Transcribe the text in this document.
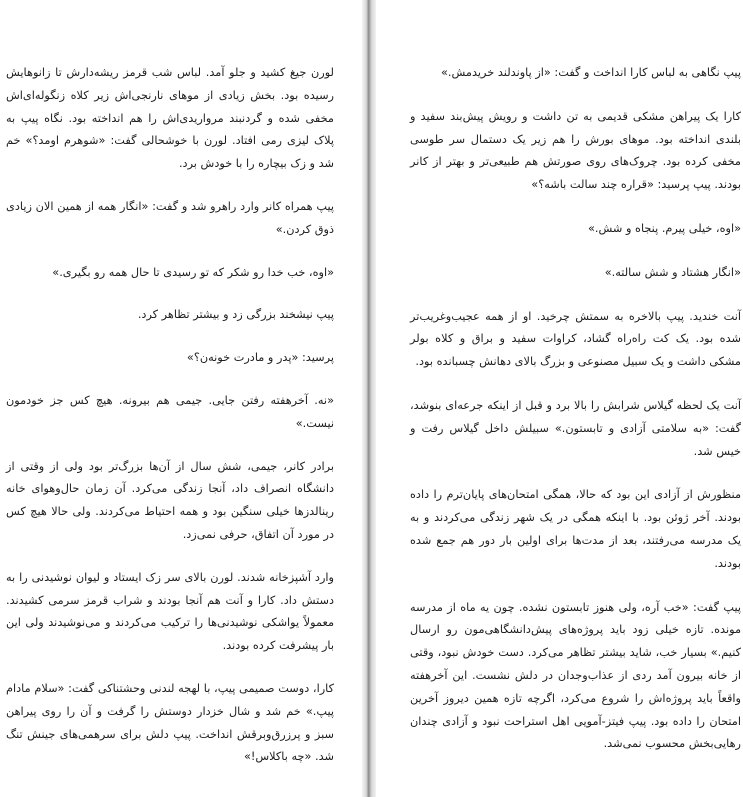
لورن جیغ کشید و جلو آمد. لباس شب قرمز ریشه‌دارش تا زانوهایش رسیده بود. بخش زیادی از موهای نارنجی‌اش زیر کلاه زنگوله‌ای‌اش مخفی شده و گردنبند مرواریدی‌اش را هم انداخته بود. نگاه پیپ به پلاک لیزی رمی افتاد. لورن با خوشحالی گفت: «شوهرم اومد؟» خم شد و زک بیچاره را با خودش برد.

پیپ همراه کانر وارد راهرو شد و گفت: «انگار همه از همین الان زیادی ذوق کردن.»

«اوه، خب خدا رو شکر که تو رسیدی تا حال همه رو بگیری.»

پیپ نیشخند بزرگی زد و بیشتر تظاهر کرد.

پرسید: «پدر و مادرت خونه‌ن؟»

«نه. آخرهفته رفتن جایی. جیمی هم بیرونه. هیچ کس جز خودمون نیست.»

برادر کانر، جیمی، شش سال از آن‌ها بزرگ‌تر بود ولی از وقتی از دانشگاه انصراف داد، آنجا زندگی می‌کرد. آن زمان حال‌وهوای خانه رینالدزها خیلی سنگین بود و همه احتیاط می‌کردند. ولی حالا هیچ کس در مورد آن اتفاق، حرفی نمی‌زد.

وارد آشپزخانه شدند. لورن بالای سر زک ایستاد و لیوان نوشیدنی را به دستش داد. کارا و آنت هم آنجا بودند و شراب قرمز سرمی کشیدند. معمولاً یواشکی نوشیدنی‌ها را ترکیب می‌کردند و می‌نوشیدند ولی این بار پیشرفت کرده بودند.

کارا، دوست صمیمی پیپ، با لهجه لندنی وحشتناکی گفت: «سلام مادام پیپ.» خم شد و شال خزدار دوستش را گرفت و آن را روی پیراهن سبز و پرزرق‌وبرقش انداخت. پیپ دلش برای سرهمی‌های جینش تنگ شد. «چه باکلاس!»

پیپ نگاهی به لباس کارا انداخت و گفت: «از پاوندلند خریدمش.»

کارا یک پیراهن مشکی قدیمی به تن داشت و رویش پیش‌بند سفید و بلندی انداخته بود. موهای بورش را هم زیر یک دستمال سر طوسی مخفی کرده بود. چروک‌های روی صورتش هم طبیعی‌تر و بهتر از کانر بودند. پیپ پرسید: «قراره چند سالت باشه؟»

«اوه، خیلی پیرم. پنجاه و شش.»

«انگار هشتاد و شش سالته.»

آنت خندید. پیپ بالاخره به سمتش چرخید. او از همه عجیب‌وغریب‌تر شده بود. یک کت راه‌راه گشاد، کراوات سفید و براق و کلاه بولر مشکی داشت و یک سبیل مصنوعی و بزرگ بالای دهانش چسبانده بود.

آنت یک لحظه گیلاس شرابش را بالا برد و قبل از اینکه جرعه‌ای بنوشد، گفت: «به سلامتی آزادی و تابستون.» سبیلش داخل گیلاس رفت و خیس شد.

منظورش از آزادی این بود که حالا، همگی امتحان‌های پایان‌ترم را داده بودند. آخر ژوئن بود. با اینکه همگی در یک شهر زندگی می‌کردند و به یک مدرسه می‌رفتند، بعد از مدت‌ها برای اولین بار دور هم جمع شده بودند.

پیپ گفت: «خب آره، ولی هنوز تابستون نشده. چون یه ماه از مدرسه مونده. تازه خیلی زود باید پروژه‌های پیش‌دانشگاهی‌مون رو ارسال کنیم.» بسیار خب، شاید بیشتر تظاهر می‌کرد. دست خودش نبود، وقتی از خانه بیرون آمد ردی از عذاب‌وجدان در دلش نشست. این آخرهفته واقعاً باید پروژه‌اش را شروع می‌کرد، اگرچه تازه همین دیروز آخرین امتحان را داده بود. پیپ فیتز-آمویی اهل استراحت نبود و آزادی چندان رهایی‌بخش محسوب نمی‌شد.
